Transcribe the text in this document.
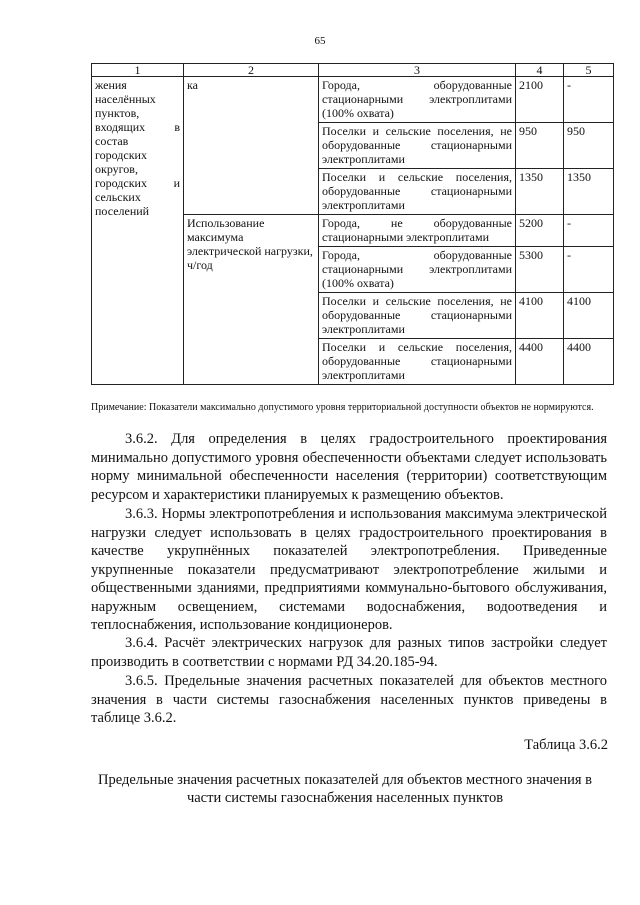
65
1	2	3	4	5
жения населённых пунктов, входящих в состав городских округов, городских и сельских поселений	ка	Города, оборудованные стационарными электроплитами (100% охвата)	2100	-

		Поселки и сельские поселения, не оборудованные стационарными электроплитами	950	950

		Поселки и сельские поселения, оборудованные стационарными электроплитами	1350	1350
	Использование максимума электрической нагрузки, ч/год	Города, не оборудованные стационарными электроплитами	5200	-

		Города, оборудованные стационарными электроплитами (100% охвата)	5300	-

		Поселки и сельские поселения, не оборудованные стационарными электроплитами	4100	4100

		Поселки и сельские поселения, оборудованные стационарными электроплитами	4400	4400
Примечание: Показатели максимально допустимого уровня территориальной доступности объектов не нормируются.

3.6.2. Для определения в целях градостроительного проектирования минимально допустимого уровня обеспеченности объектами следует использовать норму минимальной обеспеченности населения (территории) соответствующим ресурсом и характеристики планируемых к размещению объектов.

3.6.3. Нормы электропотребления и использования максимума электрической нагрузки следует использовать в целях градостроительного проектирования в качестве укрупнённых показателей электропотребления. Приведенные укрупненные показатели предусматривают электропотребление жилыми и общественными зданиями, предприятиями коммунально-бытового обслуживания, наружным освещением, системами водоснабжения, водоотведения и теплоснабжения, использование кондиционеров.

3.6.4. Расчёт электрических нагрузок для разных типов застройки следует производить в соответствии с нормами РД 34.20.185-94.

3.6.5. Предельные значения расчетных показателей для объектов местного значения в части системы газоснабжения населенных пунктов приведены в таблице 3.6.2.

Таблица 3.6.2
Предельные значения расчетных показателей для объектов местного значения в части системы газоснабжения населенных пунктов
